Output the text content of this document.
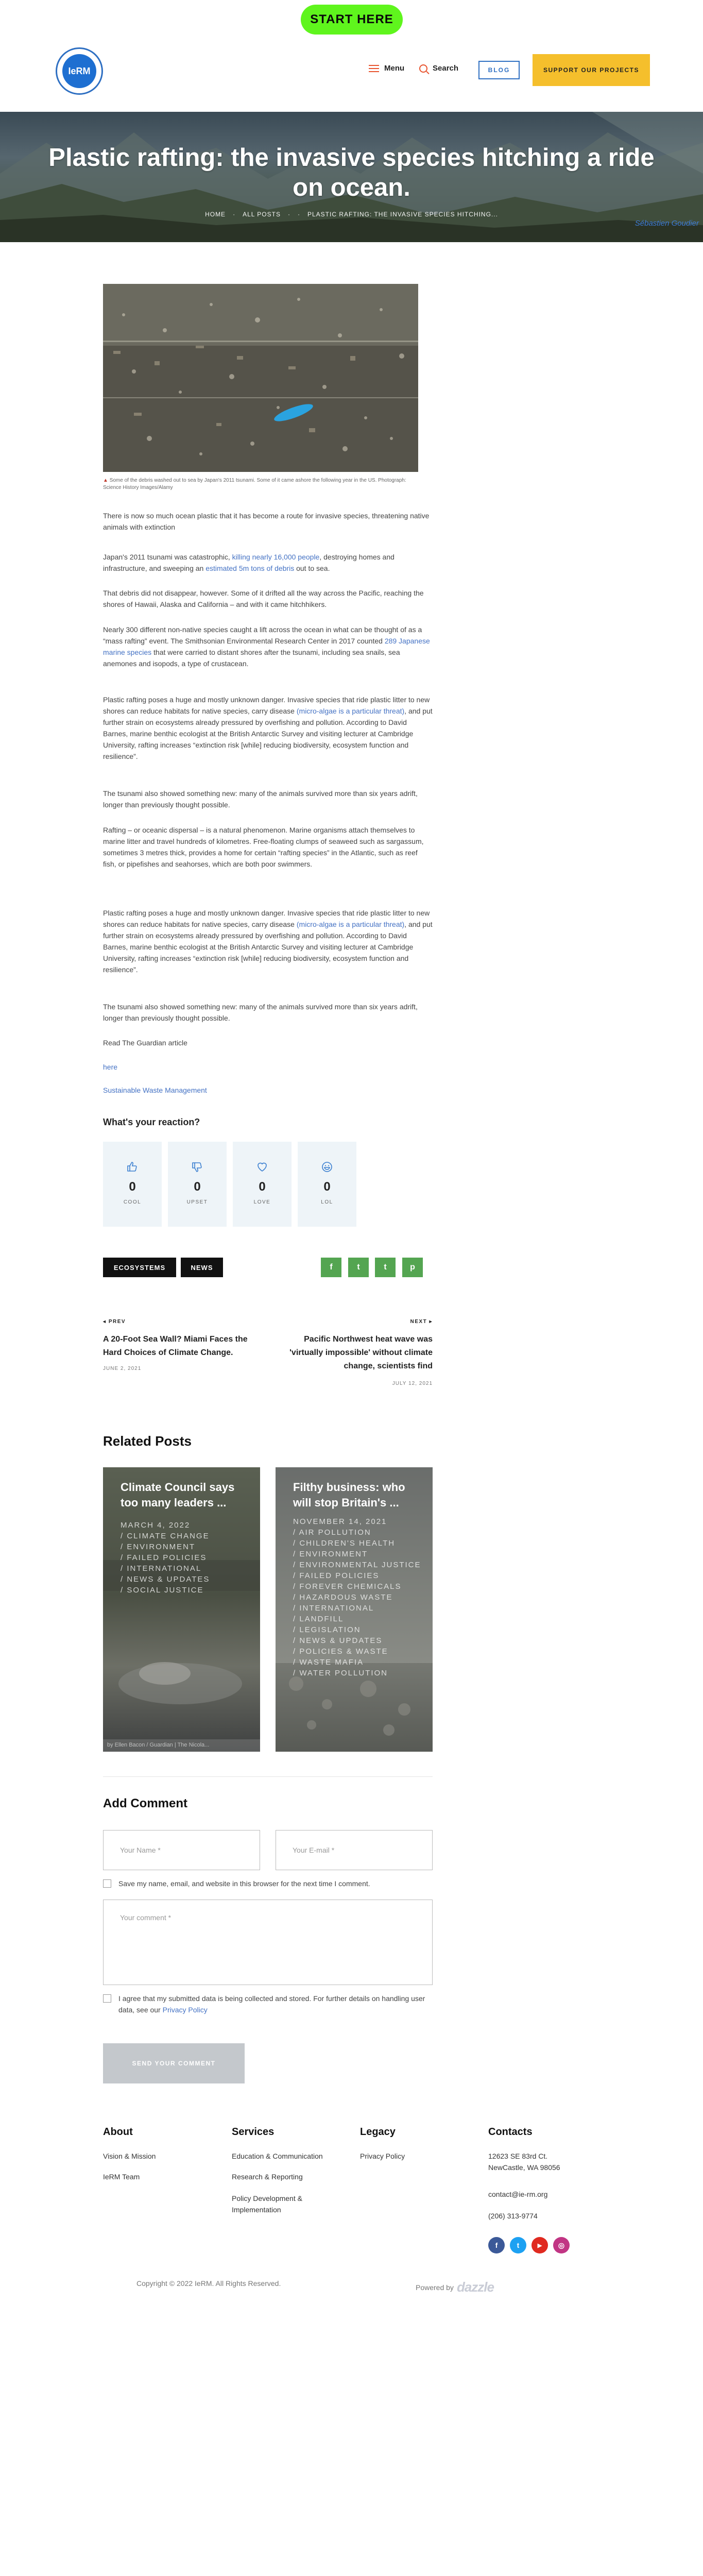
START HERE
IeRM	Menu	Search	BLOG	SUPPORT OUR PROJECTS
Plastic rafting: the invasive species hitching a ride on ocean.
HOME · ALL POSTS · · PLASTIC RAFTING: THE INVASIVE SPECIES HITCHING...
Sébastien Goudier
▲ Some of the debris washed out to sea by Japan's 2011 tsunami. Some of it came ashore the following year in the US. Photograph: Science History Images/Alamy

There is now so much ocean plastic that it has become a route for invasive species, threatening native animals with extinction

Japan's 2011 tsunami was catastrophic, killing nearly 16,000 people, destroying homes and infrastructure, and sweeping an estimated 5m tons of debris out to sea.

That debris did not disappear, however. Some of it drifted all the way across the Pacific, reaching the shores of Hawaii, Alaska and California – and with it came hitchhikers.

Nearly 300 different non-native species caught a lift across the ocean in what can be thought of as a “mass rafting” event. The Smithsonian Environmental Research Center in 2017 counted 289 Japanese marine species that were carried to distant shores after the tsunami, including sea snails, sea anemones and isopods, a type of crustacean.

Plastic rafting poses a huge and mostly unknown danger. Invasive species that ride plastic litter to new shores can reduce habitats for native species, carry disease (micro-algae is a particular threat), and put further strain on ecosystems already pressured by overfishing and pollution. According to David Barnes, marine benthic ecologist at the British Antarctic Survey and visiting lecturer at Cambridge University, rafting increases “extinction risk [while] reducing biodiversity, ecosystem function and resilience”.

The tsunami also showed something new: many of the animals survived more than six years adrift, longer than previously thought possible.

Rafting – or oceanic dispersal – is a natural phenomenon. Marine organisms attach themselves to marine litter and travel hundreds of kilometres. Free-floating clumps of seaweed such as sargassum, sometimes 3 metres thick, provides a home for certain “rafting species” in the Atlantic, such as reef fish, or pipefishes and seahorses, which are both poor swimmers.

Plastic rafting poses a huge and mostly unknown danger. Invasive species that ride plastic litter to new shores can reduce habitats for native species, carry disease (micro-algae is a particular threat), and put further strain on ecosystems already pressured by overfishing and pollution. According to David Barnes, marine benthic ecologist at the British Antarctic Survey and visiting lecturer at Cambridge University, rafting increases “extinction risk [while] reducing biodiversity, ecosystem function and resilience”.

The tsunami also showed something new: many of the animals survived more than six years adrift, longer than previously thought possible.

Read The Guardian article

here
Sustainable Waste Management
What's your reaction?
0
COOL
0
UPSET
0
LOVE
0
LOL
ECOSYSTEMS	NEWS	f	t	t	p
◂ PREV
A 20-Foot Sea Wall? Miami Faces the Hard Choices of Climate Change.
JUNE 2, 2021
NEXT ▸
Pacific Northwest heat wave was 'virtually impossible' without climate change, scientists find
JULY 12, 2021
Related Posts
Climate Council says too many leaders ...
MARCH 4, 2022
/ CLIMATE CHANGE
/ ENVIRONMENT
/ FAILED POLICIES
/ INTERNATIONAL
/ NEWS & UPDATES
/ SOCIAL JUSTICE
by Ellen Bacon / Guardian | The Nicola...
Filthy business: who will stop Britain's ...
NOVEMBER 14, 2021
/ AIR POLLUTION
/ CHILDREN'S HEALTH
/ ENVIRONMENT
/ ENVIRONMENTAL JUSTICE
/ FAILED POLICIES
/ FOREVER CHEMICALS
/ HAZARDOUS WASTE
/ INTERNATIONAL
/ LANDFILL
/ LEGISLATION
/ NEWS & UPDATES
/ POLICIES & WASTE
/ WASTE MAFIA
/ WATER POLLUTION
Add Comment
Your Name *	Your E-mail *
Save my name, email, and website in this browser for the next time I comment.
Your comment *
I agree that my submitted data is being collected and stored. For further details on handling user data, see our Privacy Policy
SEND YOUR COMMENT
About
Vision & Mission
IeRM Team
Services
Education & Communication
Research & Reporting
Policy Development & Implementation
Legacy
Privacy Policy
Contacts
12623 SE 83rd Ct.
NewCastle, WA 98056
contact@ie-rm.org
(206) 313-9774
f	t	▶ ◎
Copyright © 2022 IeRM. All Rights Reserved.	Powered by dazzle
